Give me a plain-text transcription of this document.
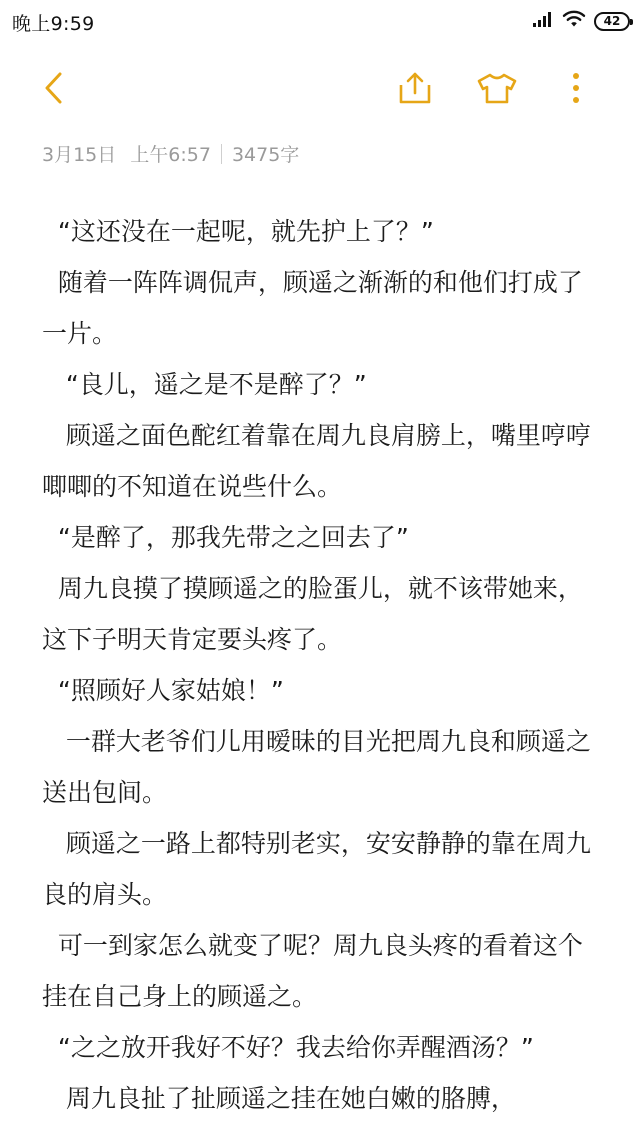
晚上9:59	42
3月15日 上午6:57 3475字

“这还没在一起呢，就先护上了？”

随着一阵阵调侃声，顾遥之渐渐的和他们打成了一片。

“良儿，遥之是不是醉了？”

顾遥之面色酡红着靠在周九良肩膀上，嘴里哼哼唧唧的不知道在说些什么。

“是醉了，那我先带之之回去了”

周九良摸了摸顾遥之的脸蛋儿，就不该带她来，这下子明天肯定要头疼了。

“照顾好人家姑娘！”

一群大老爷们儿用暧昧的目光把周九良和顾遥之送出包间。

顾遥之一路上都特别老实，安安静静的靠在周九良的肩头。

可一到家怎么就变了呢？周九良头疼的看着这个挂在自己身上的顾遥之。

“之之放开我好不好？我去给你弄醒酒汤？”

周九良扯了扯顾遥之挂在她白嫩的胳膊，
